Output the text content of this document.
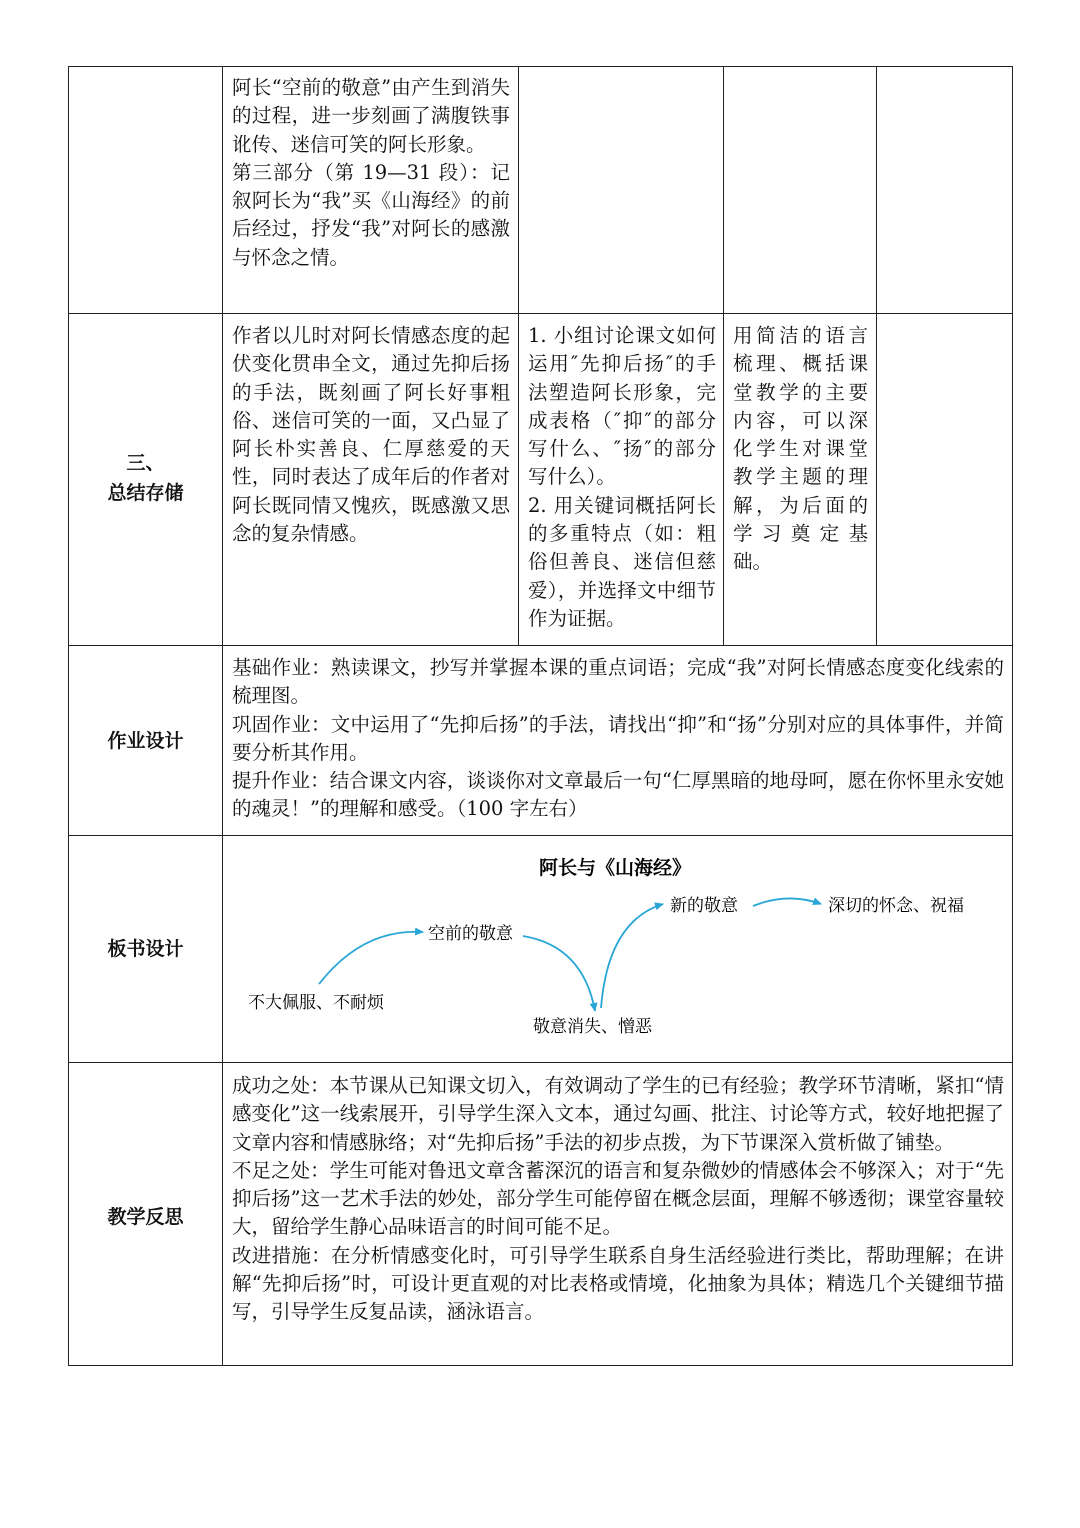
阿长“空前的敬意”由产生到消失的过程，进一步刻画了满腹铁事讹传、迷信可笑的阿长形象。

第三部分（第 19—31 段）：记叙阿长为“我”买《山海经》的前后经过，抒发“我”对阿长的感激与怀念之情。

三、
总结存储

作者以儿时对阿长情感态度的起伏变化贯串全文，通过先抑后扬的手法，既刻画了阿长好事粗俗、迷信可笑的一面，又凸显了阿长朴实善良、仁厚慈爱的天性，同时表达了成年后的作者对阿长既同情又愧疚，既感激又思念的复杂情感。

1. 小组讨论课文如何运用″先抑后扬″的手法塑造阿长形象，完成表格（″抑″的部分写什么、″扬″的部分写什么）。

2. 用关键词概括阿长的多重特点（如：粗俗但善良、迷信但慈爱），并选择文中细节作为证据。

用简洁的语言梳理、概括课堂教学的主要内容，可以深化学生对课堂教学主题的理解，为后面的学习奠定基础。

作业设计

基础作业：熟读课文，抄写并掌握本课的重点词语；完成“我”对阿长情感态度变化线索的梳理图。

巩固作业：文中运用了“先抑后扬”的手法，请找出“抑”和“扬”分别对应的具体事件，并简要分析其作用。

提升作业：结合课文内容，谈谈你对文章最后一句“仁厚黑暗的地母呵，愿在你怀里永安她的魂灵！”的理解和感受。（100 字左右）

板书设计
阿长与《山海经》
不大佩服、不耐烦
空前的敬意
敬意消失、憎恶
新的敬意	深切的怀念、祝福
教学反思

成功之处：本节课从已知课文切入，有效调动了学生的已有经验；教学环节清晰，紧扣“情感变化”这一线索展开，引导学生深入文本，通过勾画、批注、讨论等方式，较好地把握了文章内容和情感脉络；对“先抑后扬”手法的初步点拨，为下节课深入赏析做了铺垫。

不足之处：学生可能对鲁迅文章含蓄深沉的语言和复杂微妙的情感体会不够深入；对于“先抑后扬”这一艺术手法的妙处，部分学生可能停留在概念层面，理解不够透彻；课堂容量较大，留给学生静心品味语言的时间可能不足。

改进措施：在分析情感变化时，可引导学生联系自身生活经验进行类比，帮助理解；在讲解“先抑后扬”时，可设计更直观的对比表格或情境，化抽象为具体；精选几个关键细节描写，引导学生反复品读，涵泳语言。
